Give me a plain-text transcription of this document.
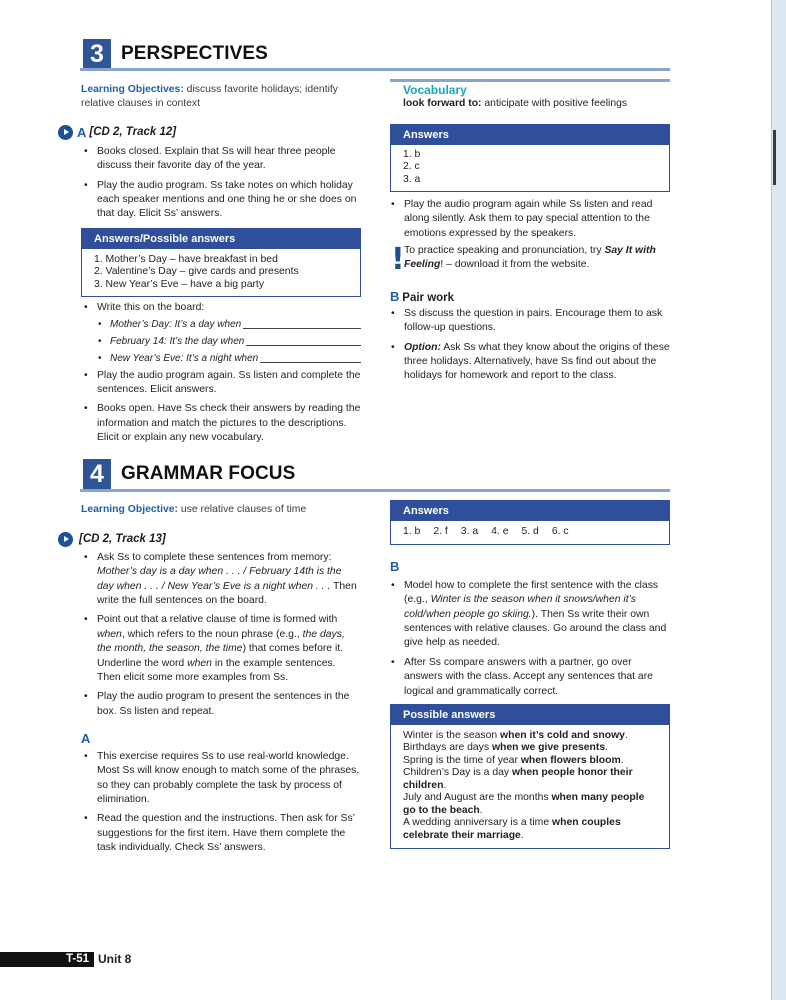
3 PERSPECTIVES
Learning Objectives: discuss favorite holidays; identify relative clauses in context
A [CD 2, Track 12]
• Books closed. Explain that Ss will hear three people discuss their favorite day of the year.
• Play the audio program. Ss take notes on which holiday each speaker mentions and one thing he or she does on that day. Elicit Ss’ answers.
Answers/Possible answers
1. Mother’s Day – have breakfast in bed
2. Valentine’s Day – give cards and presents
3. New Year’s Eve – have a big party
• Write this on the board:
• Mother’s Day: It’s a day when
• February 14: It’s the day when
• New Year’s Eve: It’s a night when
• Play the audio program again. Ss listen and complete the sentences. Elicit answers.
• Books open. Have Ss check their answers by reading the information and match the pictures to the descriptions. Elicit or explain any new vocabulary.
Vocabulary
look forward to: anticipate with positive feelings
Answers
1. b
2. c
3. a
• Play the audio program again while Ss listen and read along silently. Ask them to pay special attention to the emotions expressed by the speakers.
! To practice speaking and pronunciation, try Say It with Feeling! – download it from the website.
B Pair work
• Ss discuss the question in pairs. Encourage them to ask follow-up questions.
• Option: Ask Ss what they know about the origins of these three holidays. Alternatively, have Ss find out about the holidays for homework and report to the class.
4 GRAMMAR FOCUS
Learning Objective: use relative clauses of time
[CD 2, Track 13]
• Ask Ss to complete these sentences from memory: Mother’s day is a day when . . . / February 14th is the day when . . . / New Year’s Eve is a night when . . . Then write the full sentences on the board.
• Point out that a relative clause of time is formed with when, which refers to the noun phrase (e.g., the days, the month, the season, the time) that comes before it. Underline the word when in the example sentences. Then elicit some more examples from Ss.
• Play the audio program to present the sentences in the box. Ss listen and repeat.
A
• This exercise requires Ss to use real-world knowledge. Most Ss will know enough to match some of the phrases, so they can probably complete the task by process of elimination.
• Read the question and the instructions. Then ask for Ss’ suggestions for the first item. Have them complete the task individually. Check Ss’ answers.
Answers
1. b 2. f 3. a 4. e 5. d 6. c
B
• Model how to complete the first sentence with the class (e.g., Winter is the season when it snows/when it’s cold/when people go skiing.). Then Ss write their own sentences with relative clauses. Go around the class and give help as needed.
• After Ss compare answers with a partner, go over answers with the class. Accept any sentences that are logical and grammatically correct.
Possible answers
Winter is the season when it’s cold and snowy.
Birthdays are days when we give presents.
Spring is the time of year when flowers bloom.
Children’s Day is a day when people honor their children.
July and August are the months when many people go to the beach.
A wedding anniversary is a time when couples celebrate their marriage.
T-51 Unit 8
